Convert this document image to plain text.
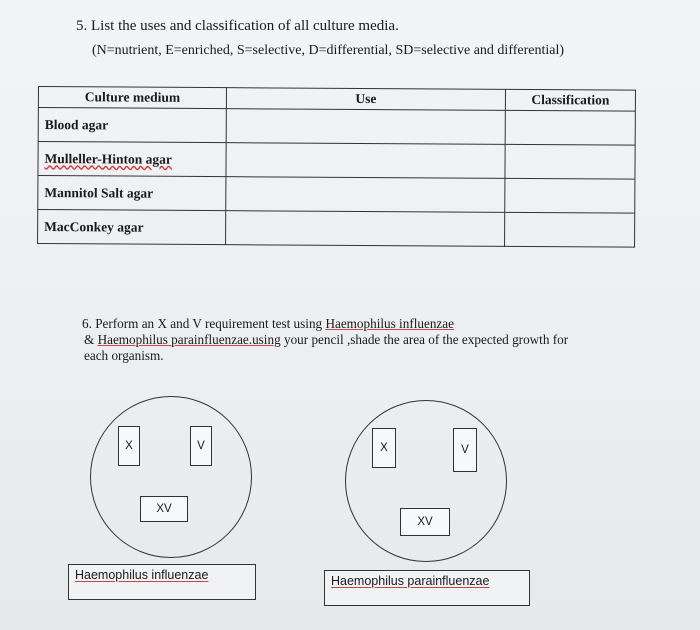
5. List the uses and classification of all culture media.
(N=nutrient, E=enriched, S=selective, D=differential, SD=selective and differential)
Culture medium	Use	Classification
Blood agar		
Mulleller-Hinton agar		
Mannitol Salt agar		
MacConkey agar		
6. Perform an X and V requirement test using Haemophilus influenzae
& Haemophilus parainfluenzae.using your pencil ,shade the area of the expected growth for
each organism.
X	V
XV
Haemophilus influenzae
X	V
XV
Haemophilus parainfluenzae
